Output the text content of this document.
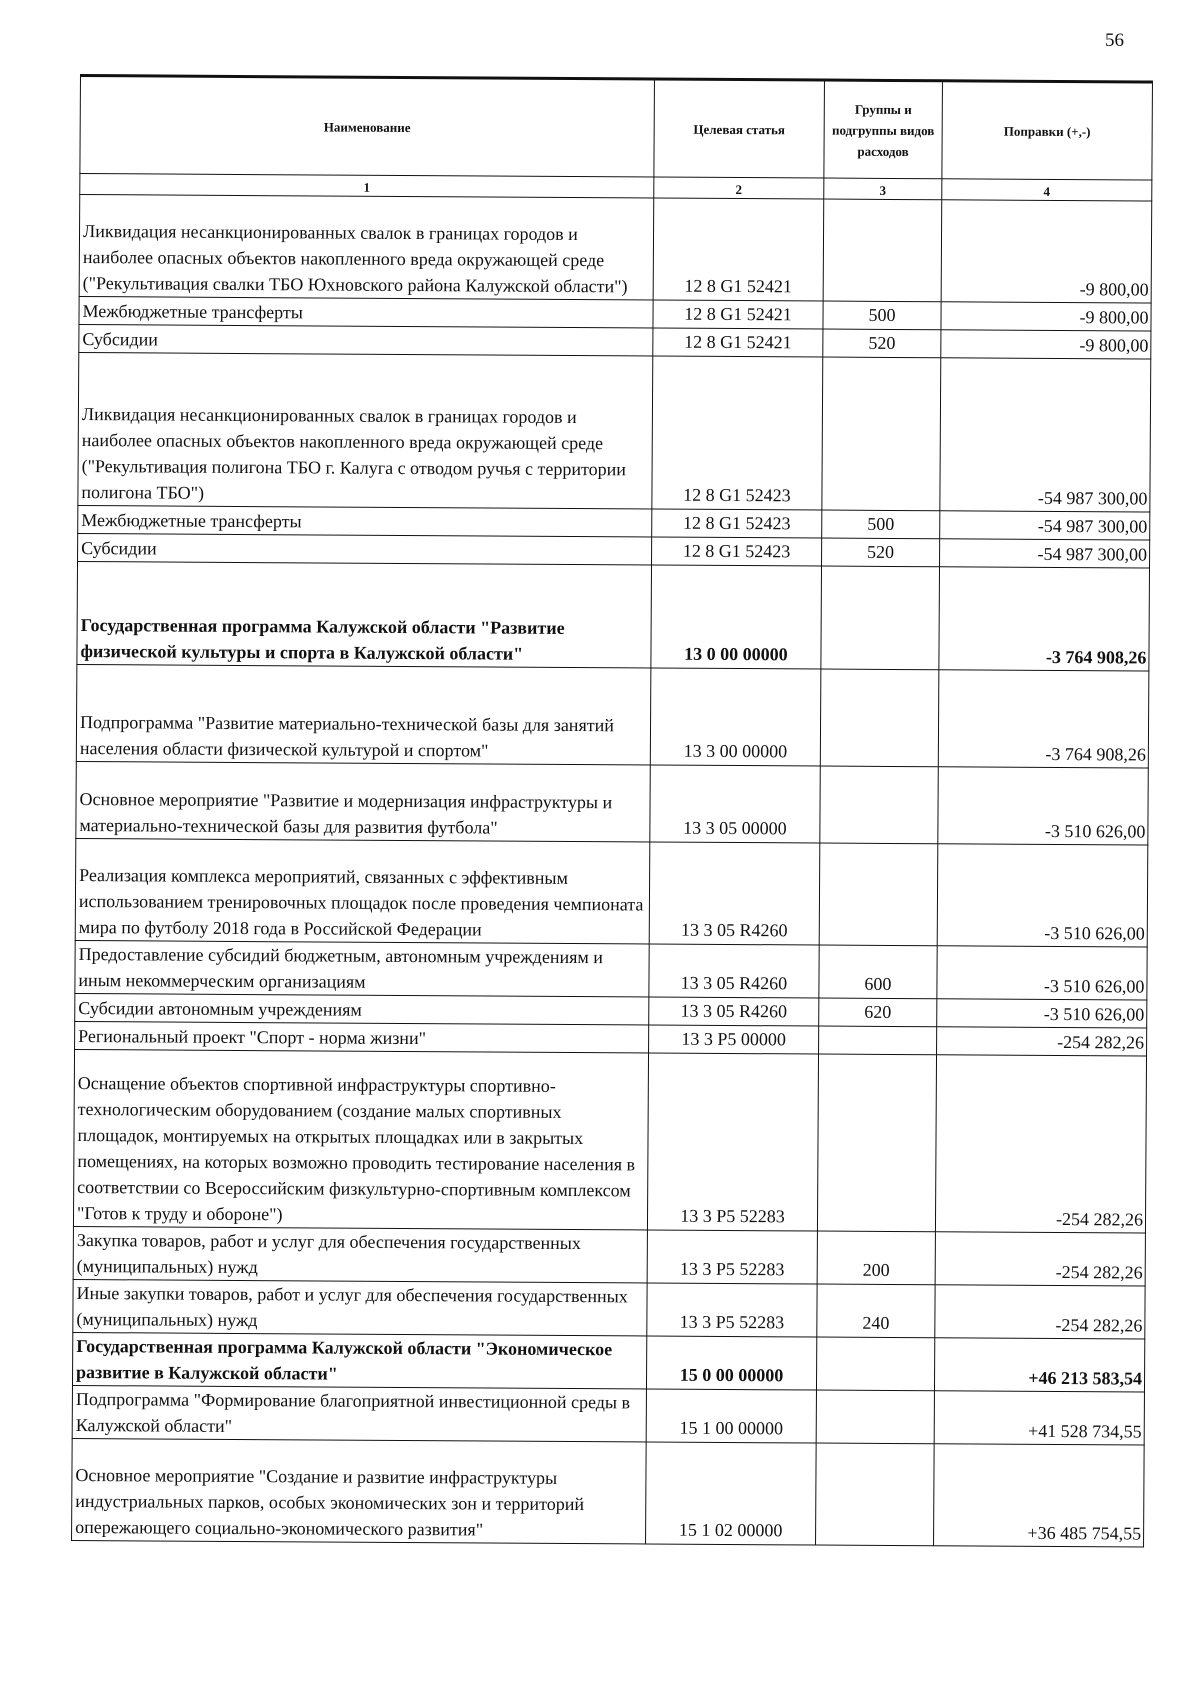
56
Наименование	Целевая статья	Группы и подгруппы видов расходов	Поправки (+,-)
1	2	3	4
Ликвидация несанкционированных свалок в границах городов и наиболее опасных объектов накопленного вреда окружающей среде ("Рекультивация свалки ТБО Юхновского района Калужской области")	12 8 G1 52421		-9 800,00
Межбюджетные трансферты	12 8 G1 52421	500	-9 800,00
Субсидии	12 8 G1 52421	520	-9 800,00
Ликвидация несанкционированных свалок в границах городов и наиболее опасных объектов накопленного вреда окружающей среде ("Рекультивация полигона ТБО г. Калуга с отводом ручья с территории полигона ТБО")	12 8 G1 52423		-54 987 300,00
Межбюджетные трансферты	12 8 G1 52423	500	-54 987 300,00
Субсидии	12 8 G1 52423	520	-54 987 300,00
Государственная программа Калужской области "Развитие физической культуры и спорта в Калужской области"	13 0 00 00000		-3 764 908,26
Подпрограмма "Развитие материально-технической базы для занятий населения области физической культурой и спортом"	13 3 00 00000		-3 764 908,26
Основное мероприятие "Развитие и модернизация инфраструктуры и материально-технической базы для развития футбола"	13 3 05 00000		-3 510 626,00
Реализация комплекса мероприятий, связанных с эффективным использованием тренировочных площадок после проведения чемпионата мира по футболу 2018 года в Российской Федерации	13 3 05 R4260		-3 510 626,00
Предоставление субсидий бюджетным, автономным учреждениям и иным некоммерческим организациям	13 3 05 R4260	600	-3 510 626,00
Субсидии автономным учреждениям	13 3 05 R4260	620	-3 510 626,00
Региональный проект "Спорт - норма жизни"	13 3 P5 00000		-254 282,26
Оснащение объектов спортивной инфраструктуры спортивно-технологическим оборудованием (создание малых спортивных площадок, монтируемых на открытых площадках или в закрытых помещениях, на которых возможно проводить тестирование населения в соответствии со Всероссийским физкультурно-спортивным комплексом "Готов к труду и обороне")	13 3 P5 52283		-254 282,26
Закупка товаров, работ и услуг для обеспечения государственных (муниципальных) нужд	13 3 P5 52283	200	-254 282,26
Иные закупки товаров, работ и услуг для обеспечения государственных (муниципальных) нужд	13 3 P5 52283	240	-254 282,26
Государственная программа Калужской области "Экономическое развитие в Калужской области"	15 0 00 00000		+46 213 583,54
Подпрограмма "Формирование благоприятной инвестиционной среды в Калужской области"	15 1 00 00000		+41 528 734,55
Основное мероприятие "Создание и развитие инфраструктуры индустриальных парков, особых экономических зон и территорий опережающего социально-экономического развития"	15 1 02 00000		+36 485 754,55
